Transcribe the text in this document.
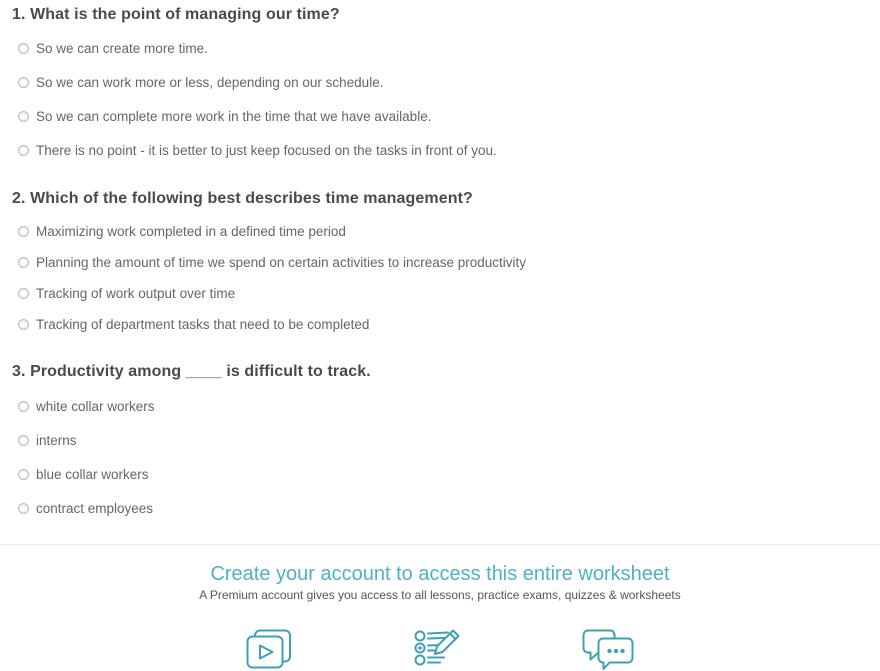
1. What is the point of managing our time?
So we can create more time.
So we can work more or less, depending on our schedule.
So we can complete more work in the time that we have available.
There is no point - it is better to just keep focused on the tasks in front of you.
2. Which of the following best describes time management?
Maximizing work completed in a defined time period
Planning the amount of time we spend on certain activities to increase productivity
Tracking of work output over time
Tracking of department tasks that need to be completed
3. Productivity among ____ is difficult to track.
white collar workers
interns
blue collar workers
contract employees
Create your account to access this entire worksheet

A Premium account gives you access to all lessons, practice exams, quizzes & worksheets
